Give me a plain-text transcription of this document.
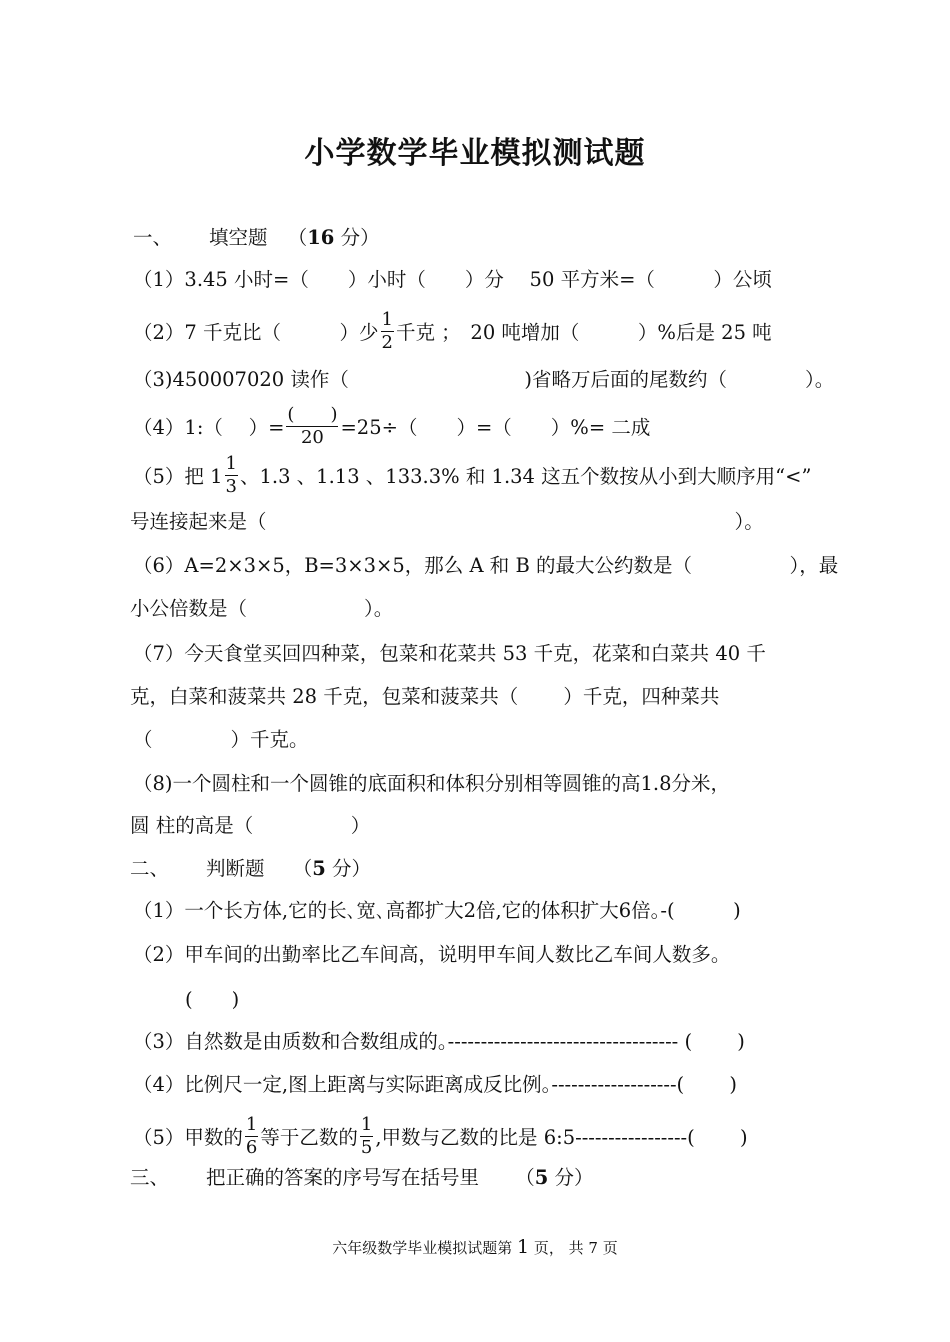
小学数学毕业模拟测试题
一、 填空题 （16 分）
（1）3.45 小时=（　　）小时（　　）分　 50 平方米=（　　　）公顷
（2）7 千克比（　　　）少 $\frac{1}{2}$ 千克 ；　20 吨增加（　　　）%后是 25 吨
（3)450007020 读作（　　　　　　　　　)省略万后面的尾数约（　　　　）。
（4）1:（　 ）= $\frac{( )}{20} =25\div$（　　）=（　　）%= 二成
（5）把 $1 \frac{1}{3}$ 、1.3 、1.13 、133.3% 和 1.34 这五个数按从小到大顺序用“<”
号连接起来是（　　　　　　　　　　　　　　　　　　　　　　　　）。
（6）A=2×3×5，B=3×3×5，那么 A 和 B 的最大公约数是（　　　　　），最
小公倍数是（　　　　　　）。
（7）今天食堂买回四种菜，包菜和花菜共 53 千克，花菜和白菜共 40 千
克，白菜和菠菜共 28 千克，包菜和菠菜共（　　 ）千克，四种菜共
（　　　　）千克。
（8)一个圆柱和一个圆锥的底面积和体积分别相等圆锥的高1.8分米，
圆 柱的高是（　　　　　）
二、 判断题 （5 分）
（1）一个长方体,它的长､宽､高都扩大2倍,它的体积扩大6倍｡-(　　　)
（2）甲车间的出勤率比乙车间高，说明甲车间人数比乙车间人数多。
(　　)
（3）自然数是由质数和合数组成的｡----------------------------------- (　　 )
（4）比例尺一定,图上距离与实际距离成反比例｡-------------------(　　 )
（5）甲数的 $\frac{1}{6}$ 等于乙数的 $\frac{1}{5}$ ,甲数与乙数的比是 6:5-----------------(　　 )
三、 把正确的答案的序号写在括号里 （5 分）
六年级数学毕业模拟试题第 1 页， 共 7 页
